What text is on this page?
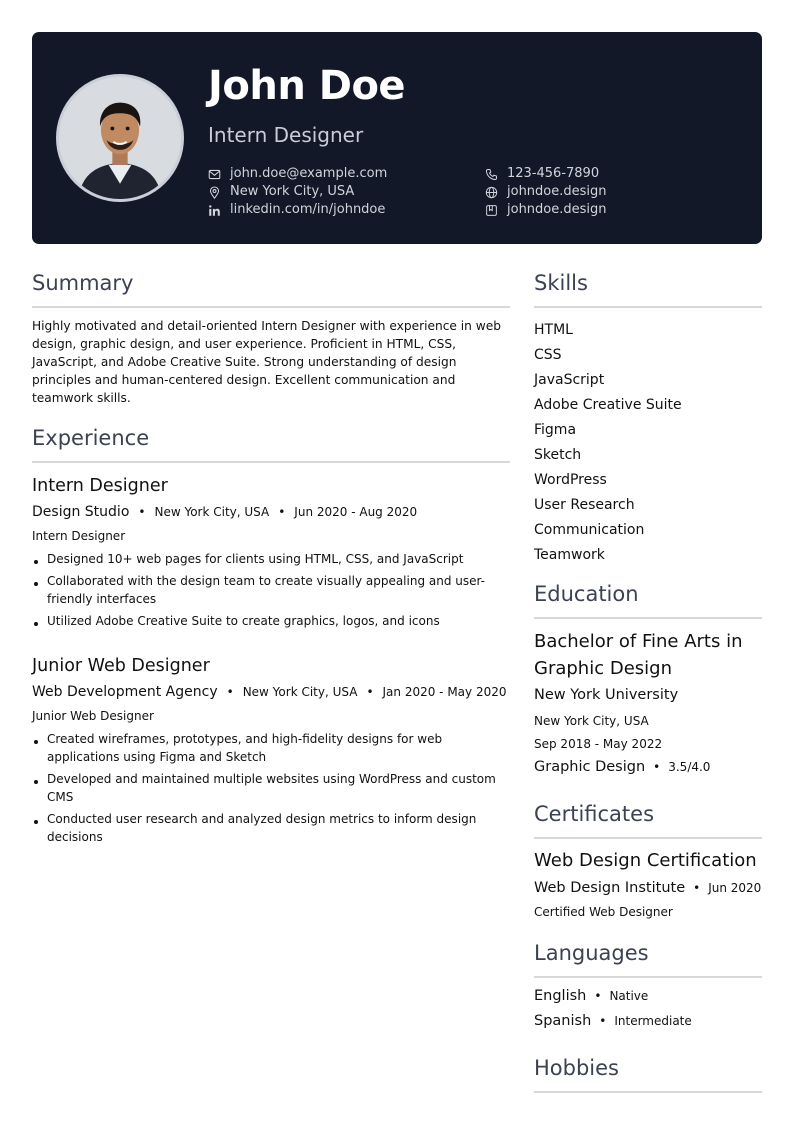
John Doe
Intern Designer
john.doe@example.com
New York City, USA
linkedin.com/in/johndoe
123-456-7890
johndoe.design
johndoe.design
Summary
Highly motivated and detail-oriented Intern Designer with experience in web design, graphic design, and user experience. Proficient in HTML, CSS, JavaScript, and Adobe Creative Suite. Strong understanding of design principles and human-centered design. Excellent communication and teamwork skills.
Experience
Intern Designer
Design Studio • New York City, USA • Jun 2020 - Aug 2020
Intern Designer
Designed 10+ web pages for clients using HTML, CSS, and JavaScript
Collaborated with the design team to create visually appealing and user-friendly interfaces
Utilized Adobe Creative Suite to create graphics, logos, and icons
Junior Web Designer
Web Development Agency • New York City, USA • Jan 2020 - May 2020
Junior Web Designer
Created wireframes, prototypes, and high-fidelity designs for web applications using Figma and Sketch
Developed and maintained multiple websites using WordPress and custom CMS
Conducted user research and analyzed design metrics to inform design decisions
Skills
HTML
CSS
JavaScript
Adobe Creative Suite
Figma
Sketch
WordPress
User Research
Communication
Teamwork
Education
Bachelor of Fine Arts in Graphic Design
New York University
New York City, USA
Sep 2018 - May 2022
Graphic Design • 3.5/4.0
Certificates
Web Design Certification
Web Design Institute • Jun 2020
Certified Web Designer
Languages
English • Native
Spanish • Intermediate
Hobbies
